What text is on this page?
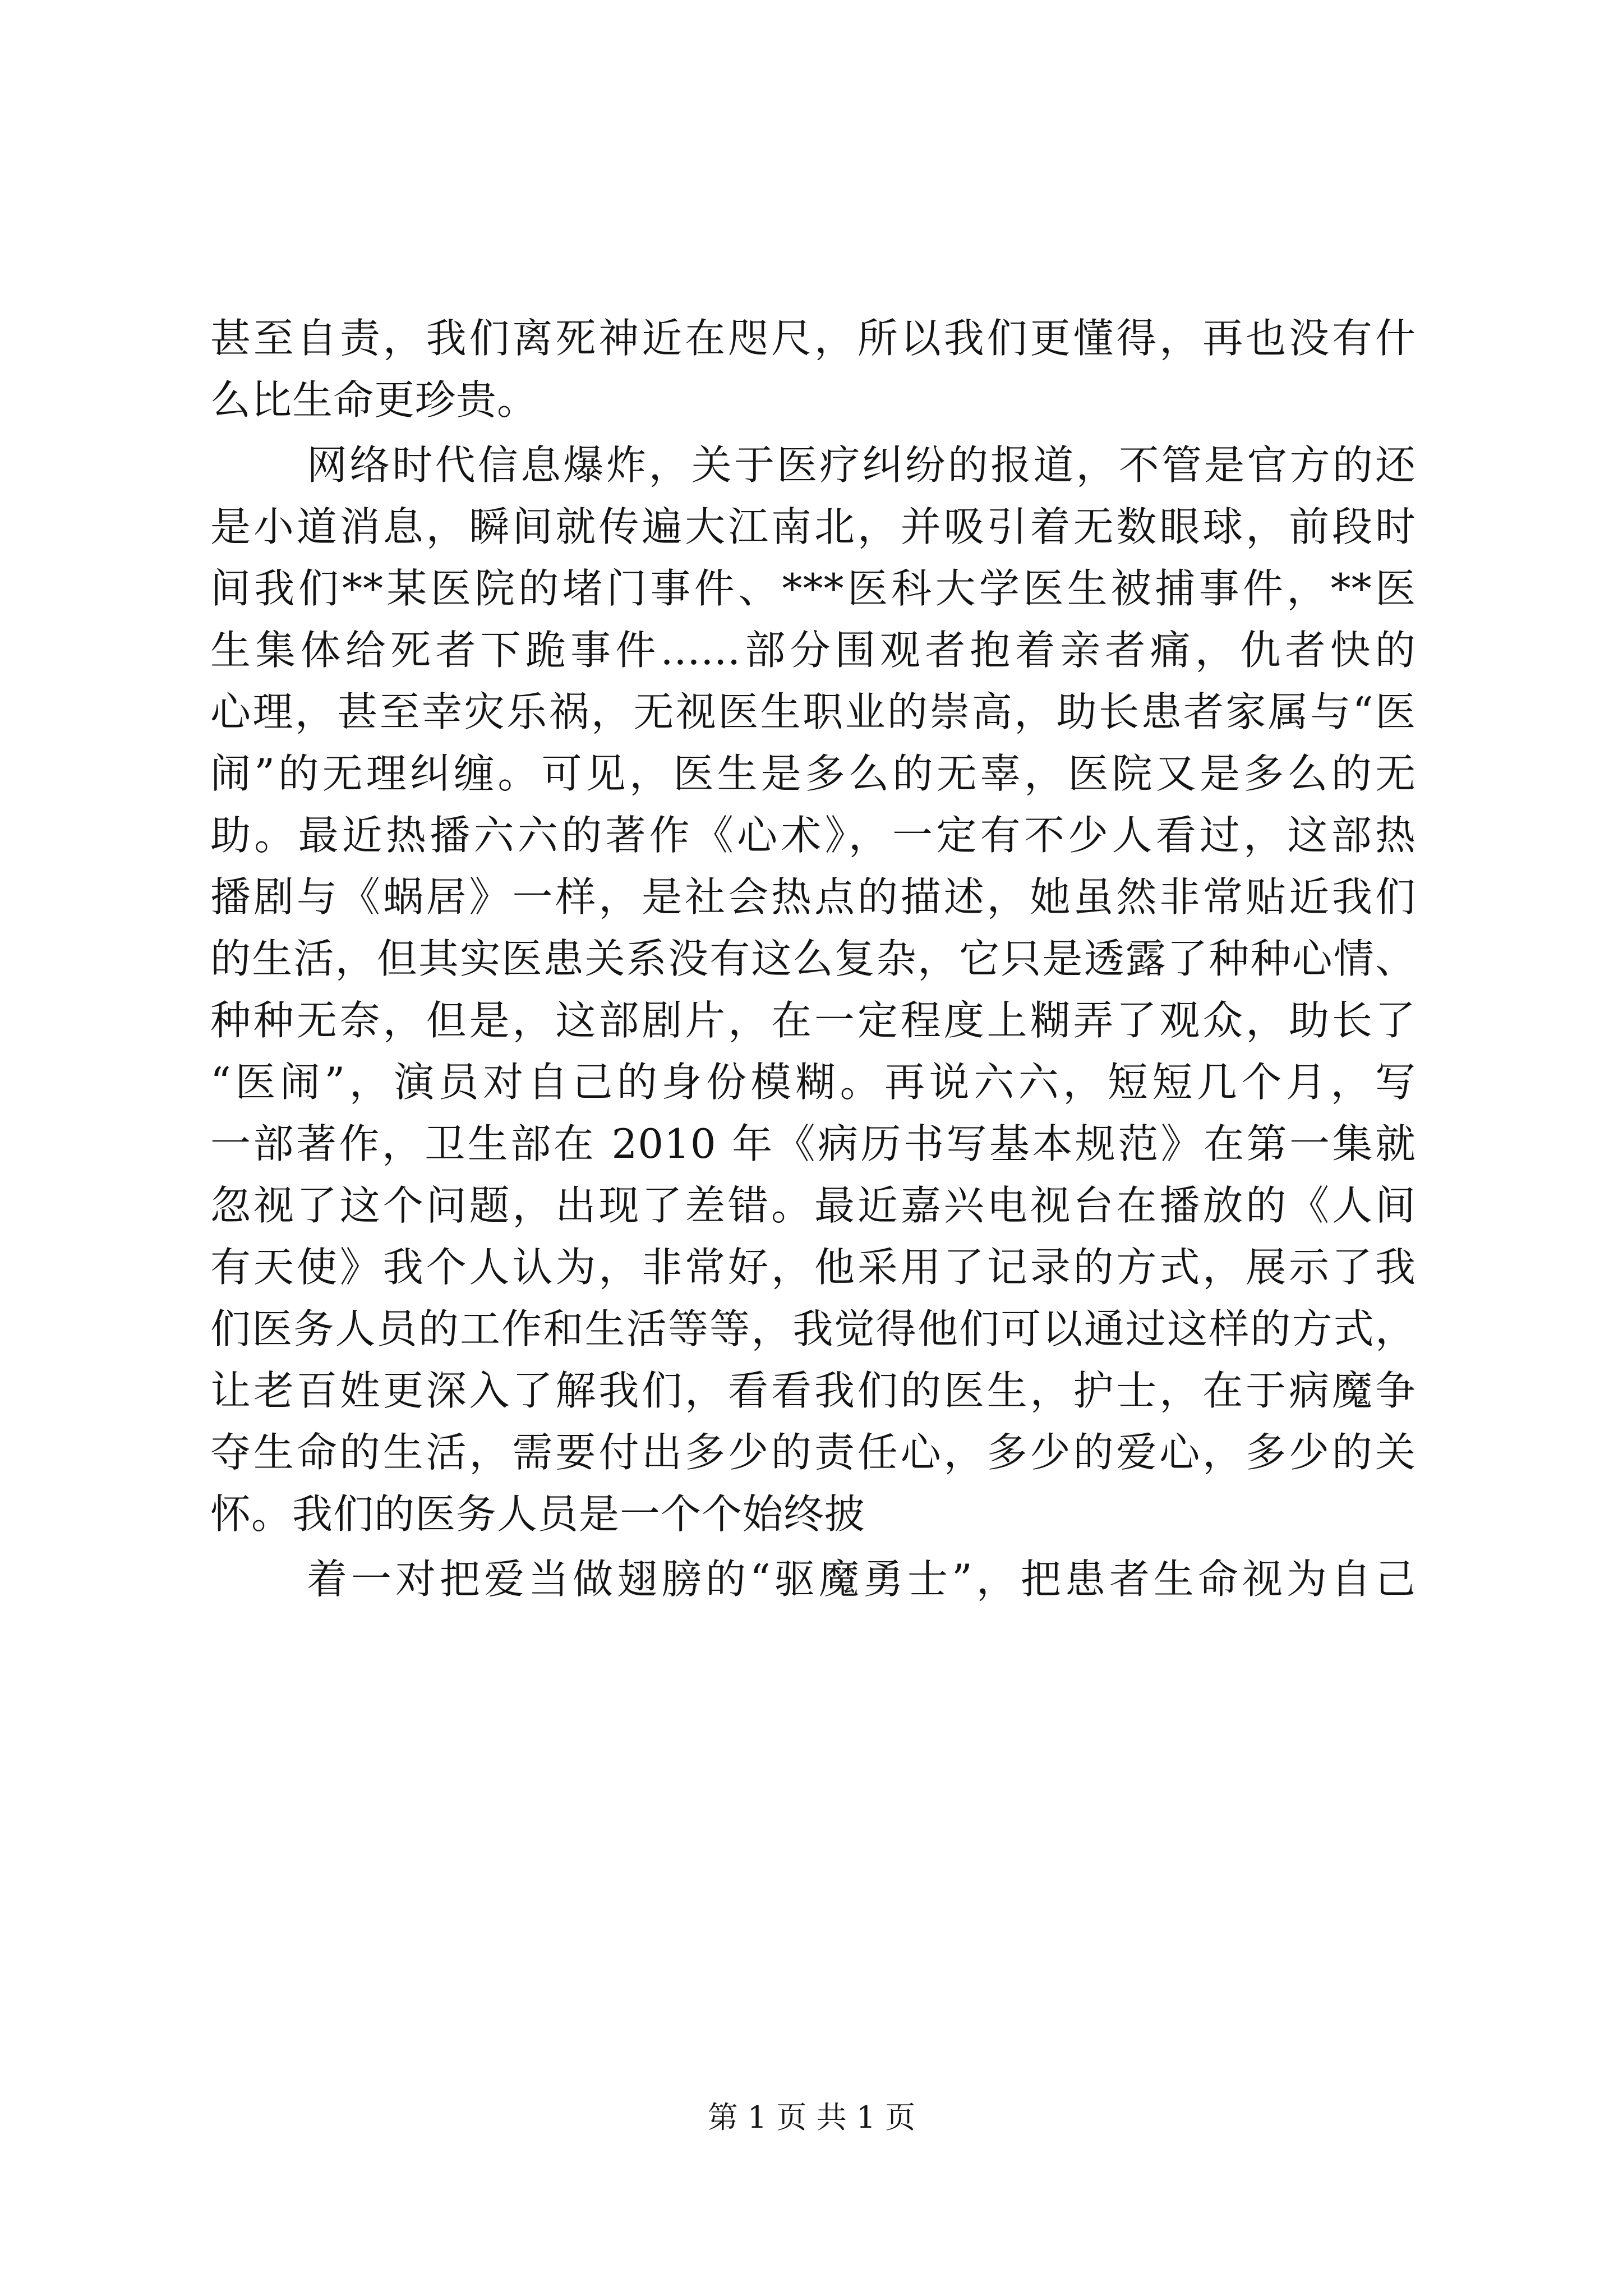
甚至自责，我们离死神近在咫尺，所以我们更懂得，再也没有什
么比生命更珍贵。
网络时代信息爆炸，关于医疗纠纷的报道，不管是官方的还
是小道消息，瞬间就传遍大江南北，并吸引着无数眼球，前段时
间我们**某医院的堵门事件、***医科大学医生被捕事件，**医
生集体给死者下跪事件......部分围观者抱着亲者痛，仇者快的
心理，甚至幸灾乐祸，无视医生职业的崇高，助长患者家属与“医
闹”的无理纠缠。可见，医生是多么的无辜，医院又是多么的无
助。最近热播六六的著作《心术》，一定有不少人看过，这部热
播剧与《蜗居》一样，是社会热点的描述，她虽然非常贴近我们
的生活，但其实医患关系没有这么复杂，它只是透露了种种心情、
种种无奈，但是，这部剧片，在一定程度上糊弄了观众，助长了
“医闹”，演员对自己的身份模糊。再说六六，短短几个月，写
一部著作，卫生部在 2010 年《病历书写基本规范》在第一集就
忽视了这个问题，出现了差错。最近嘉兴电视台在播放的《人间
有天使》我个人认为，非常好，他采用了记录的方式，展示了我
们医务人员的工作和生活等等，我觉得他们可以通过这样的方式，
让老百姓更深入了解我们，看看我们的医生，护士，在于病魔争
夺生命的生活，需要付出多少的责任心，多少的爱心，多少的关
怀。我们的医务人员是一个个始终披
着一对把爱当做翅膀的“驱魔勇士”，把患者生命视为自己
第 1 页 共 1 页
